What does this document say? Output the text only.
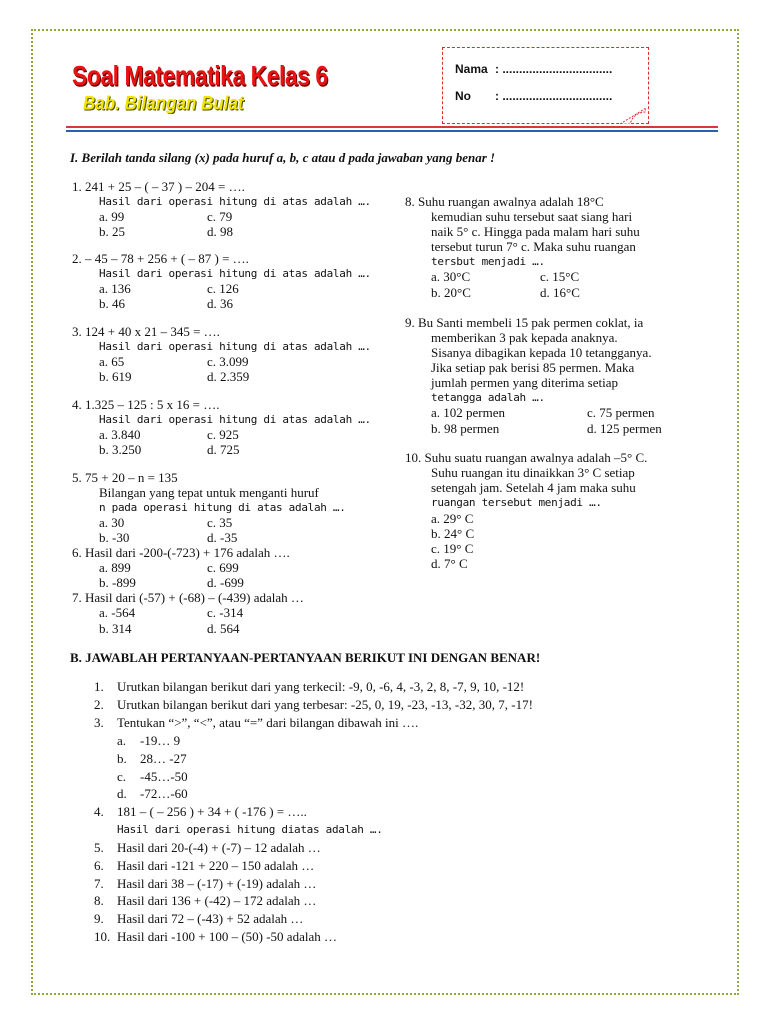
Soal Matematika Kelas 6
Bab. Bilangan Bulat
Nama : .................................
No : .................................
I. Berilah tanda silang (x) pada huruf a, b, c atau d pada jawaban yang benar !
1. 241 + 25 – ( – 37 ) – 204 = ….
Hasil dari operasi hitung di atas adalah ….
a. 99	c. 79
b. 25	d. 98
2. – 45 – 78 + 256 + ( – 87 ) = ….
Hasil dari operasi hitung di atas adalah ….
a. 136	c. 126
b. 46	d. 36
3. 124 + 40 x 21 – 345 = ….
Hasil dari operasi hitung di atas adalah ….
a. 65	c. 3.099
b. 619	d. 2.359
4. 1.325 – 125 : 5 x 16 = ….
Hasil dari operasi hitung di atas adalah ….
a. 3.840	c. 925
b. 3.250	d. 725
5. 75 + 20 – n = 135
Bilangan yang tepat untuk menganti huruf
n pada operasi hitung di atas adalah ….
a. 30	c. 35
b. -30	d. -35
6. Hasil dari -200-(-723) + 176 adalah ….
a. 899	c. 699
b. -899	d. -699
7. Hasil dari (-57) + (-68) – (-439) adalah …
a. -564	c. -314
b. 314	d. 564
8. Suhu ruangan awalnya adalah 18°C
kemudian suhu tersebut saat siang hari
naik 5° c. Hingga pada malam hari suhu
tersebut turun 7° c. Maka suhu ruangan
tersbut menjadi ….
a. 30°C	c. 15°C
b. 20°C	d. 16°C
9. Bu Santi membeli 15 pak permen coklat, ia
memberikan 3 pak kepada anaknya.
Sisanya dibagikan kepada 10 tetangganya.
Jika setiap pak berisi 85 permen. Maka
jumlah permen yang diterima setiap
tetangga adalah ….
a. 102 permen	c. 75 permen
b. 98 permen	d. 125 permen
10. Suhu suatu ruangan awalnya adalah –5° C.
Suhu ruangan itu dinaikkan 3° C setiap
setengah jam. Setelah 4 jam maka suhu
ruangan tersebut menjadi ….
a. 29° C
b. 24° C
c. 19° C
d. 7° C
B. JAWABLAH PERTANYAAN-PERTANYAAN BERIKUT INI DENGAN BENAR!
1. Urutkan bilangan berikut dari yang terkecil: -9, 0, -6, 4, -3, 2, 8, -7, 9, 10, -12!
2. Urutkan bilangan berikut dari yang terbesar: -25, 0, 19, -23, -13, -32, 30, 7, -17!
3. Tentukan “>”, “<”, atau “=” dari bilangan dibawah ini ….
a. -19… 9
b. 28… -27
c. -45…-50
d. -72…-60
4. 181 – ( – 256 ) + 34 + ( -176 ) = …..
Hasil dari operasi hitung diatas adalah ….
5. Hasil dari 20-(-4) + (-7) – 12 adalah …
6. Hasil dari -121 + 220 – 150 adalah …
7. Hasil dari 38 – (-17) + (-19) adalah …
8. Hasil dari 136 + (-42) – 172 adalah …
9. Hasil dari 72 – (-43) + 52 adalah …
10. Hasil dari -100 + 100 – (50) -50 adalah …
